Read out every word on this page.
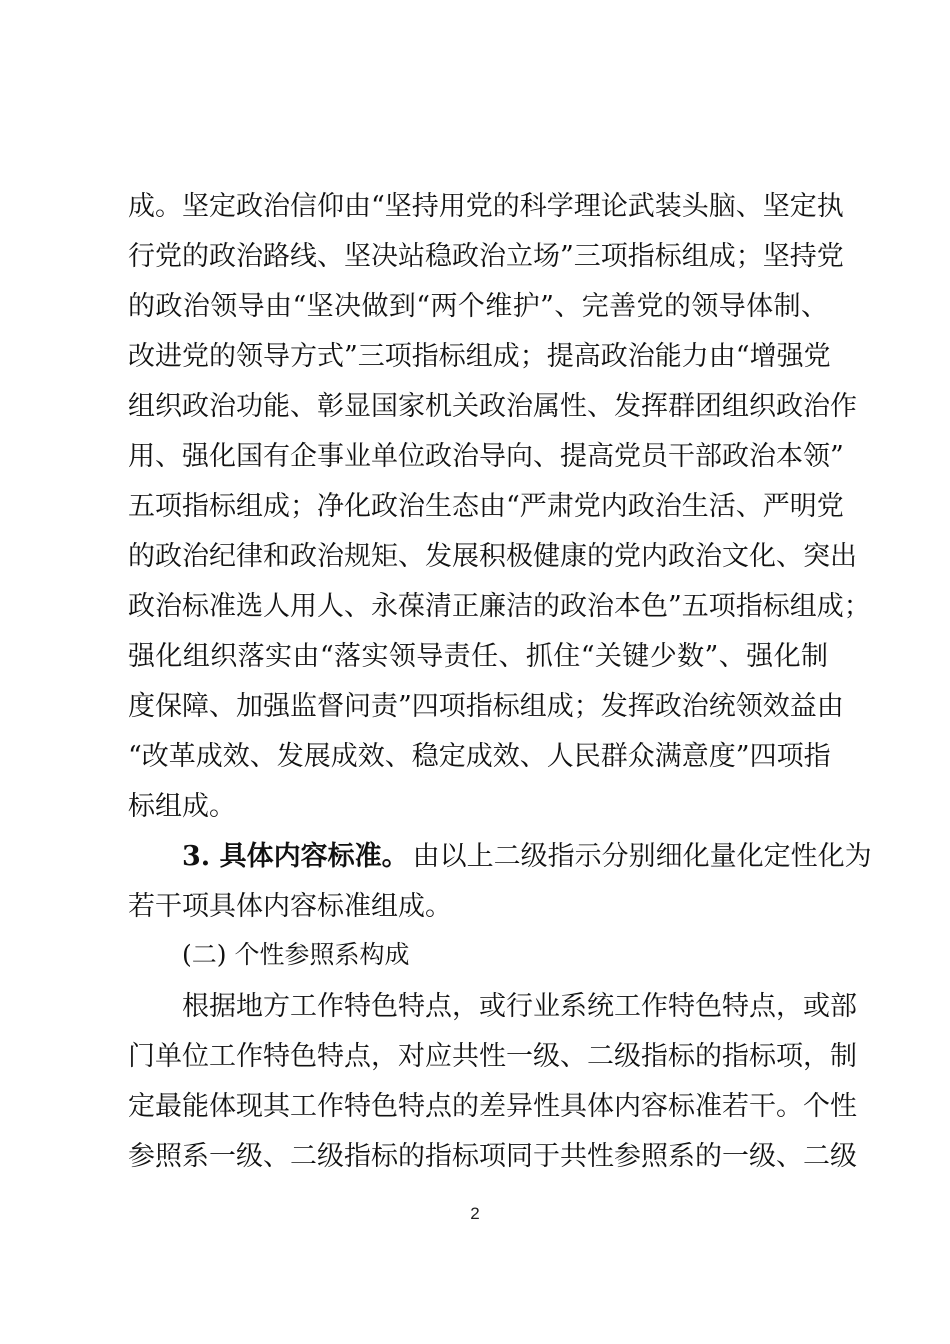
成。坚定政治信仰由“坚持用党的科学理论武装头脑、坚定执
行党的政治路线、坚决站稳政治立场”三项指标组成；坚持党
的政治领导由“坚决做到“两个维护”、完善党的领导体制、
改进党的领导方式”三项指标组成；提高政治能力由“增强党
组织政治功能、彰显国家机关政治属性、发挥群团组织政治作
用、强化国有企事业单位政治导向、提高党员干部政治本领”
五项指标组成；净化政治生态由“严肃党内政治生活、严明党
的政治纪律和政治规矩、发展积极健康的党内政治文化、突出
政治标准选人用人、永葆清正廉洁的政治本色”五项指标组成；
强化组织落实由“落实领导责任、抓住“关键少数”、强化制
度保障、加强监督问责”四项指标组成；发挥政治统领效益由
“改革成效、发展成效、稳定成效、人民群众满意度”四项指
标组成。
3. 具体内容标准。 由以上二级指示分别细化量化定性化为
若干项具体内容标准组成。
(二) 个性参照系构成
根据地方工作特色特点，或行业系统工作特色特点，或部
门单位工作特色特点，对应共性一级、二级指标的指标项，制
定最能体现其工作特色特点的差异性具体内容标准若干。个性
参照系一级、二级指标的指标项同于共性参照系的一级、二级
2
